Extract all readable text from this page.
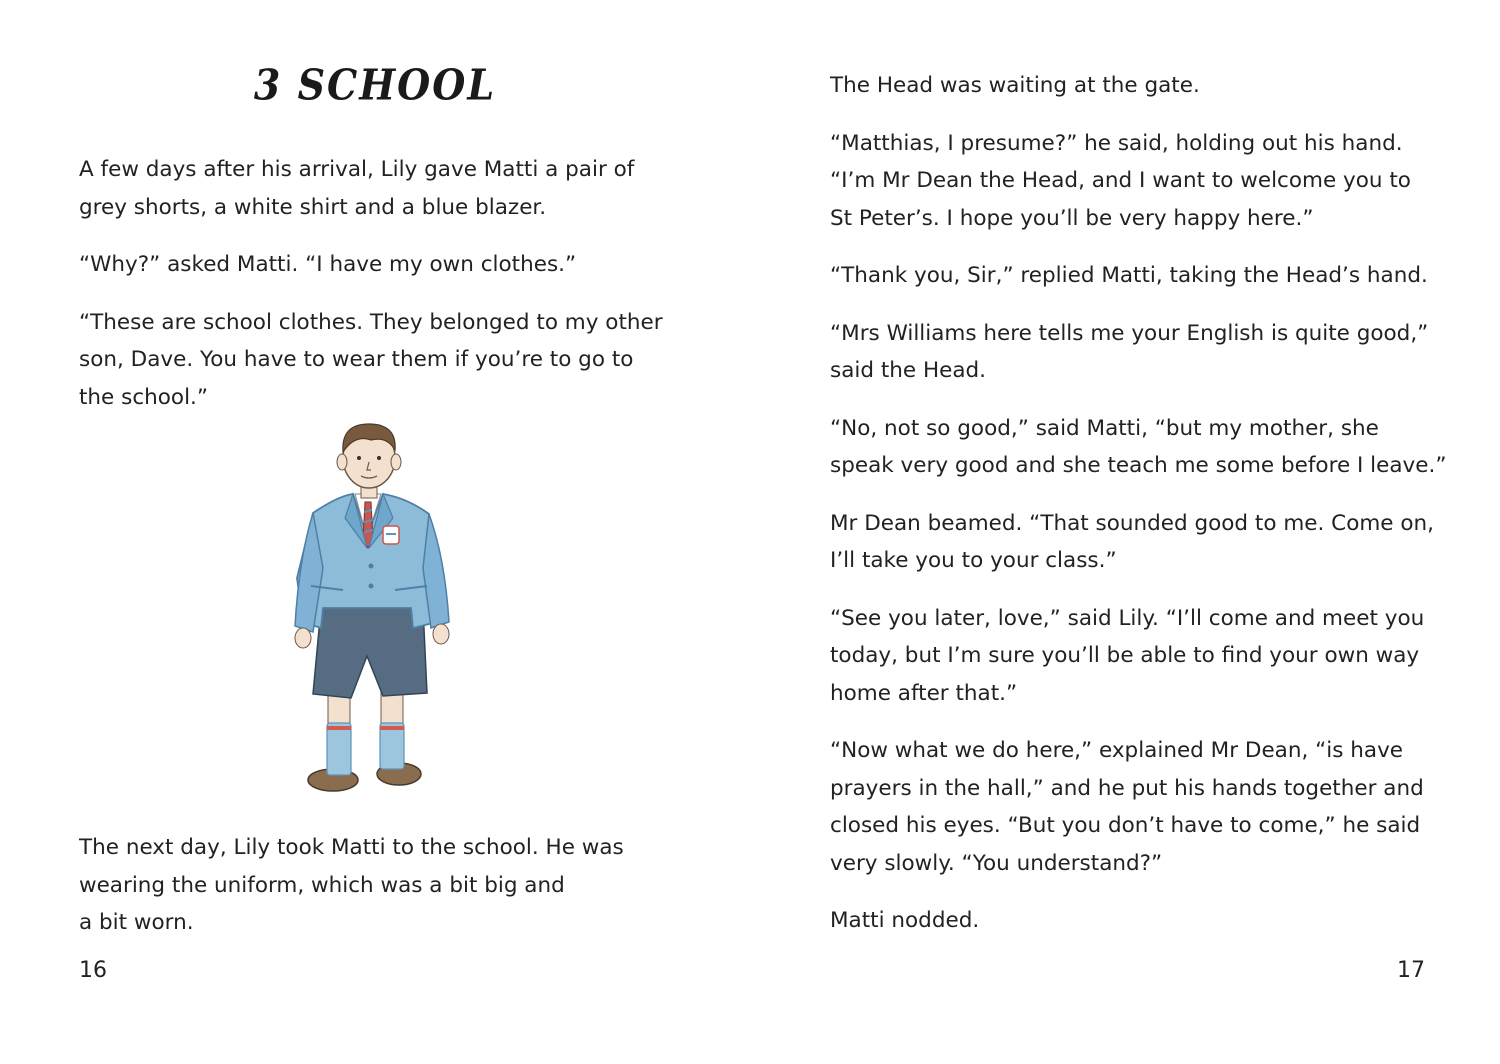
3 SCHOOL

A few days after his arrival, Lily gave Matti a pair of
grey shorts, a white shirt and a blue blazer.

“Why?” asked Matti. “I have my own clothes.”

“These are school clothes. They belonged to my other
son, Dave. You have to wear them if you’re to go to
the school.”

The next day, Lily took Matti to the school. He was
wearing the uniform, which was a bit big and
a bit worn.

16

The Head was waiting at the gate.

“Matthias, I presume?” he said, holding out his hand.
“I’m Mr Dean the Head, and I want to welcome you to
St Peter’s. I hope you’ll be very happy here.”

“Thank you, Sir,” replied Matti, taking the Head’s hand.

“Mrs Williams here tells me your English is quite good,”
said the Head.

“No, not so good,” said Matti, “but my mother, she
speak very good and she teach me some before I leave.”

Mr Dean beamed. “That sounded good to me. Come on,
I’ll take you to your class.”

“See you later, love,” said Lily. “I’ll come and meet you
today, but I’m sure you’ll be able to find your own way
home after that.”

“Now what we do here,” explained Mr Dean, “is have
prayers in the hall,” and he put his hands together and
closed his eyes. “But you don’t have to come,” he said
very slowly. “You understand?”

Matti nodded.

17
